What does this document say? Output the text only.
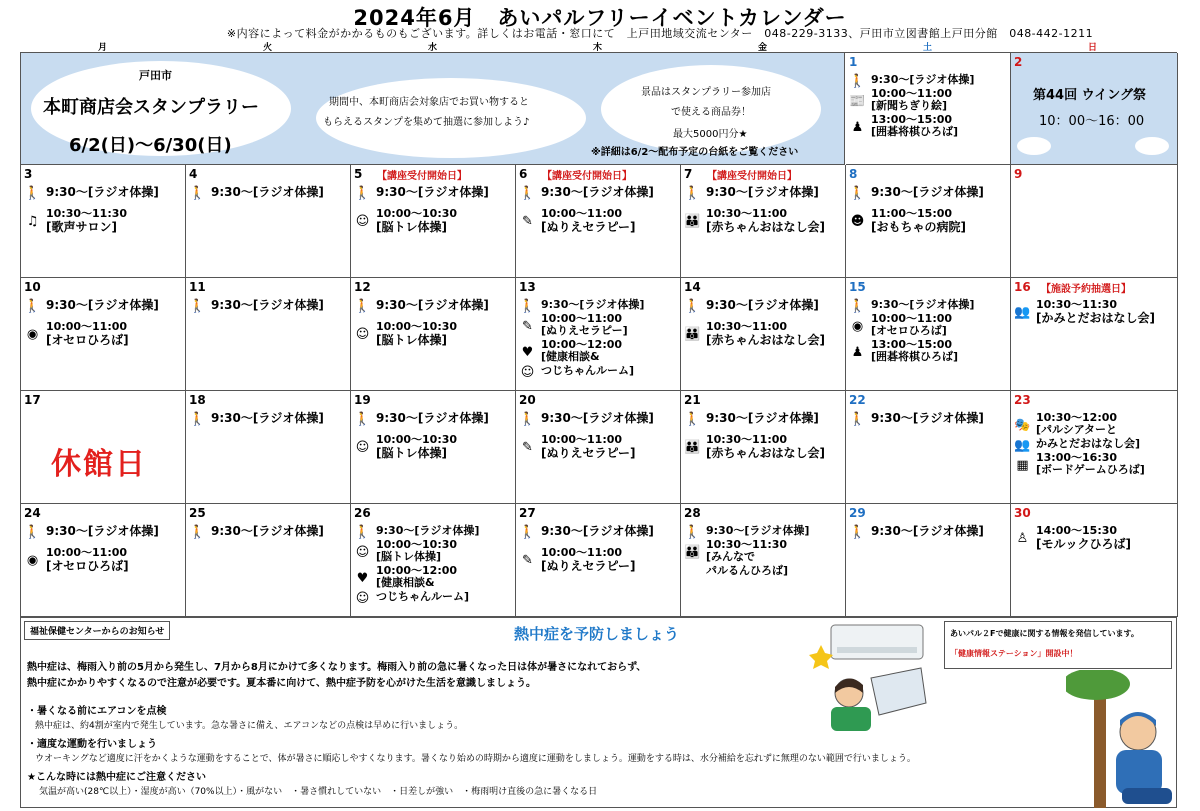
2024年6月　あいパルフリーイベントカレンダー
※内容によって料金がかかるものもございます。詳しくはお電話・窓口にて　上戸田地域交流センター　048-229-3133、戸田市立図書館上戸田分館　048-442-1211
月	火	水	木	金	土	日
戸田市
本町商店会スタンプラリー
6/2(日)～6/30(日)
期間中、本町商店会対象店でお買い物すると
もらえるスタンプを集めて抽選に参加しよう♪
景品はスタンプラリー参加店
で使える商品券！
最大5000円分★
※詳細は6/2～配布予定の台紙をご覧ください
1
🚶 9:30～[ラジオ体操]
📰 10:00～11:00
[新聞ちぎり絵]
♟ 13:00～15:00
[囲碁将棋ひろば]
2
第44回 ウイング祭
10：00～16：00
3
🚶 9:30～[ラジオ体操]
♫ 10:30～11:30
[歌声サロン]
4
🚶 9:30～[ラジオ体操]
5 【講座受付開始日】
🚶 9:30～[ラジオ体操]
☺ 10:00～10:30
[脳トレ体操]
6 【講座受付開始日】
🚶 9:30～[ラジオ体操]
✎ 10:00～11:00
[ぬりえセラピー]
7 【講座受付開始日】
🚶 9:30～[ラジオ体操]
👪 10:30～11:00
[赤ちゃんおはなし会]
8
🚶 9:30～[ラジオ体操]
☻ 11:00～15:00
[おもちゃの病院]
9
10
🚶 9:30～[ラジオ体操]
◉ 10:00～11:00
[オセロひろば]
11
🚶 9:30～[ラジオ体操]
12
🚶 9:30～[ラジオ体操]
☺ 10:00～10:30
[脳トレ体操]
13
🚶 9:30～[ラジオ体操]
✎ 10:00～11:00
[ぬりえセラピー]
♥ 10:00～12:00
[健康相談&
☺ つじちゃんルーム]
14
🚶 9:30～[ラジオ体操]
👪 10:30～11:00
[赤ちゃんおはなし会]
15
🚶 9:30～[ラジオ体操]
◉ 10:00～11:00
[オセロひろば]
♟ 13:00～15:00
[囲碁将棋ひろば]
16 【施設予約抽選日】
👥 10:30～11:30
[かみとだおはなし会]
17
休館日
18
🚶 9:30～[ラジオ体操]
19
🚶 9:30～[ラジオ体操]
☺ 10:00～10:30
[脳トレ体操]
20
🚶 9:30～[ラジオ体操]
✎ 10:00～11:00
[ぬりえセラピー]
21
🚶 9:30～[ラジオ体操]
👪 10:30～11:00
[赤ちゃんおはなし会]
22
🚶 9:30～[ラジオ体操]
23
🎭 10:30～12:00
[パルシアターと
👥 かみとだおはなし会]
▦ 13:00～16:30
[ボードゲームひろば]
24
🚶 9:30～[ラジオ体操]
◉ 10:00～11:00
[オセロひろば]
25
🚶 9:30～[ラジオ体操]
26
🚶 9:30～[ラジオ体操]
☺ 10:00～10:30
[脳トレ体操]
♥ 10:00～12:00
[健康相談&
☺ つじちゃんルーム]
27
🚶 9:30～[ラジオ体操]
✎ 10:00～11:00
[ぬりえセラピー]
28
🚶 9:30～[ラジオ体操]
👪 10:30～11:30
[みんなで
パルるんひろば]
29
🚶 9:30～[ラジオ体操]
30
♙ 14:00～15:30
[モルックひろば]
福祉保健センターからのお知らせ	熱中症を予防しましょう
熱中症は、梅雨入り前の5月から発生し、7月から8月にかけて多くなります。梅雨入り前の急に暑くなった日は体が暑さになれておらず、
熱中症にかかりやすくなるので注意が必要です。夏本番に向けて、熱中症予防を心がけた生活を意識しましょう。
・暑くなる前にエアコンを点検
熱中症は、約4割が室内で発生しています。急な暑さに備え、エアコンなどの点検は早めに行いましょう。
・適度な運動を行いましょう
ウオーキングなど適度に汗をかくような運動をすることで、体が暑さに順応しやすくなります。暑くなり始めの時期から適度に運動をしましょう。運動をする時は、水分補給を忘れずに無理のない範囲で行いましょう。
★こんな時には熱中症にご注意ください
気温が高い(28℃以上）・湿度が高い（70%以上）・風がない　・暑さ慣れしていない　・日差しが強い　・梅雨明け直後の急に暑くなる日
あいパル２Fで健康に関する情報を発信しています。
「健康情報ステーション」開設中！
